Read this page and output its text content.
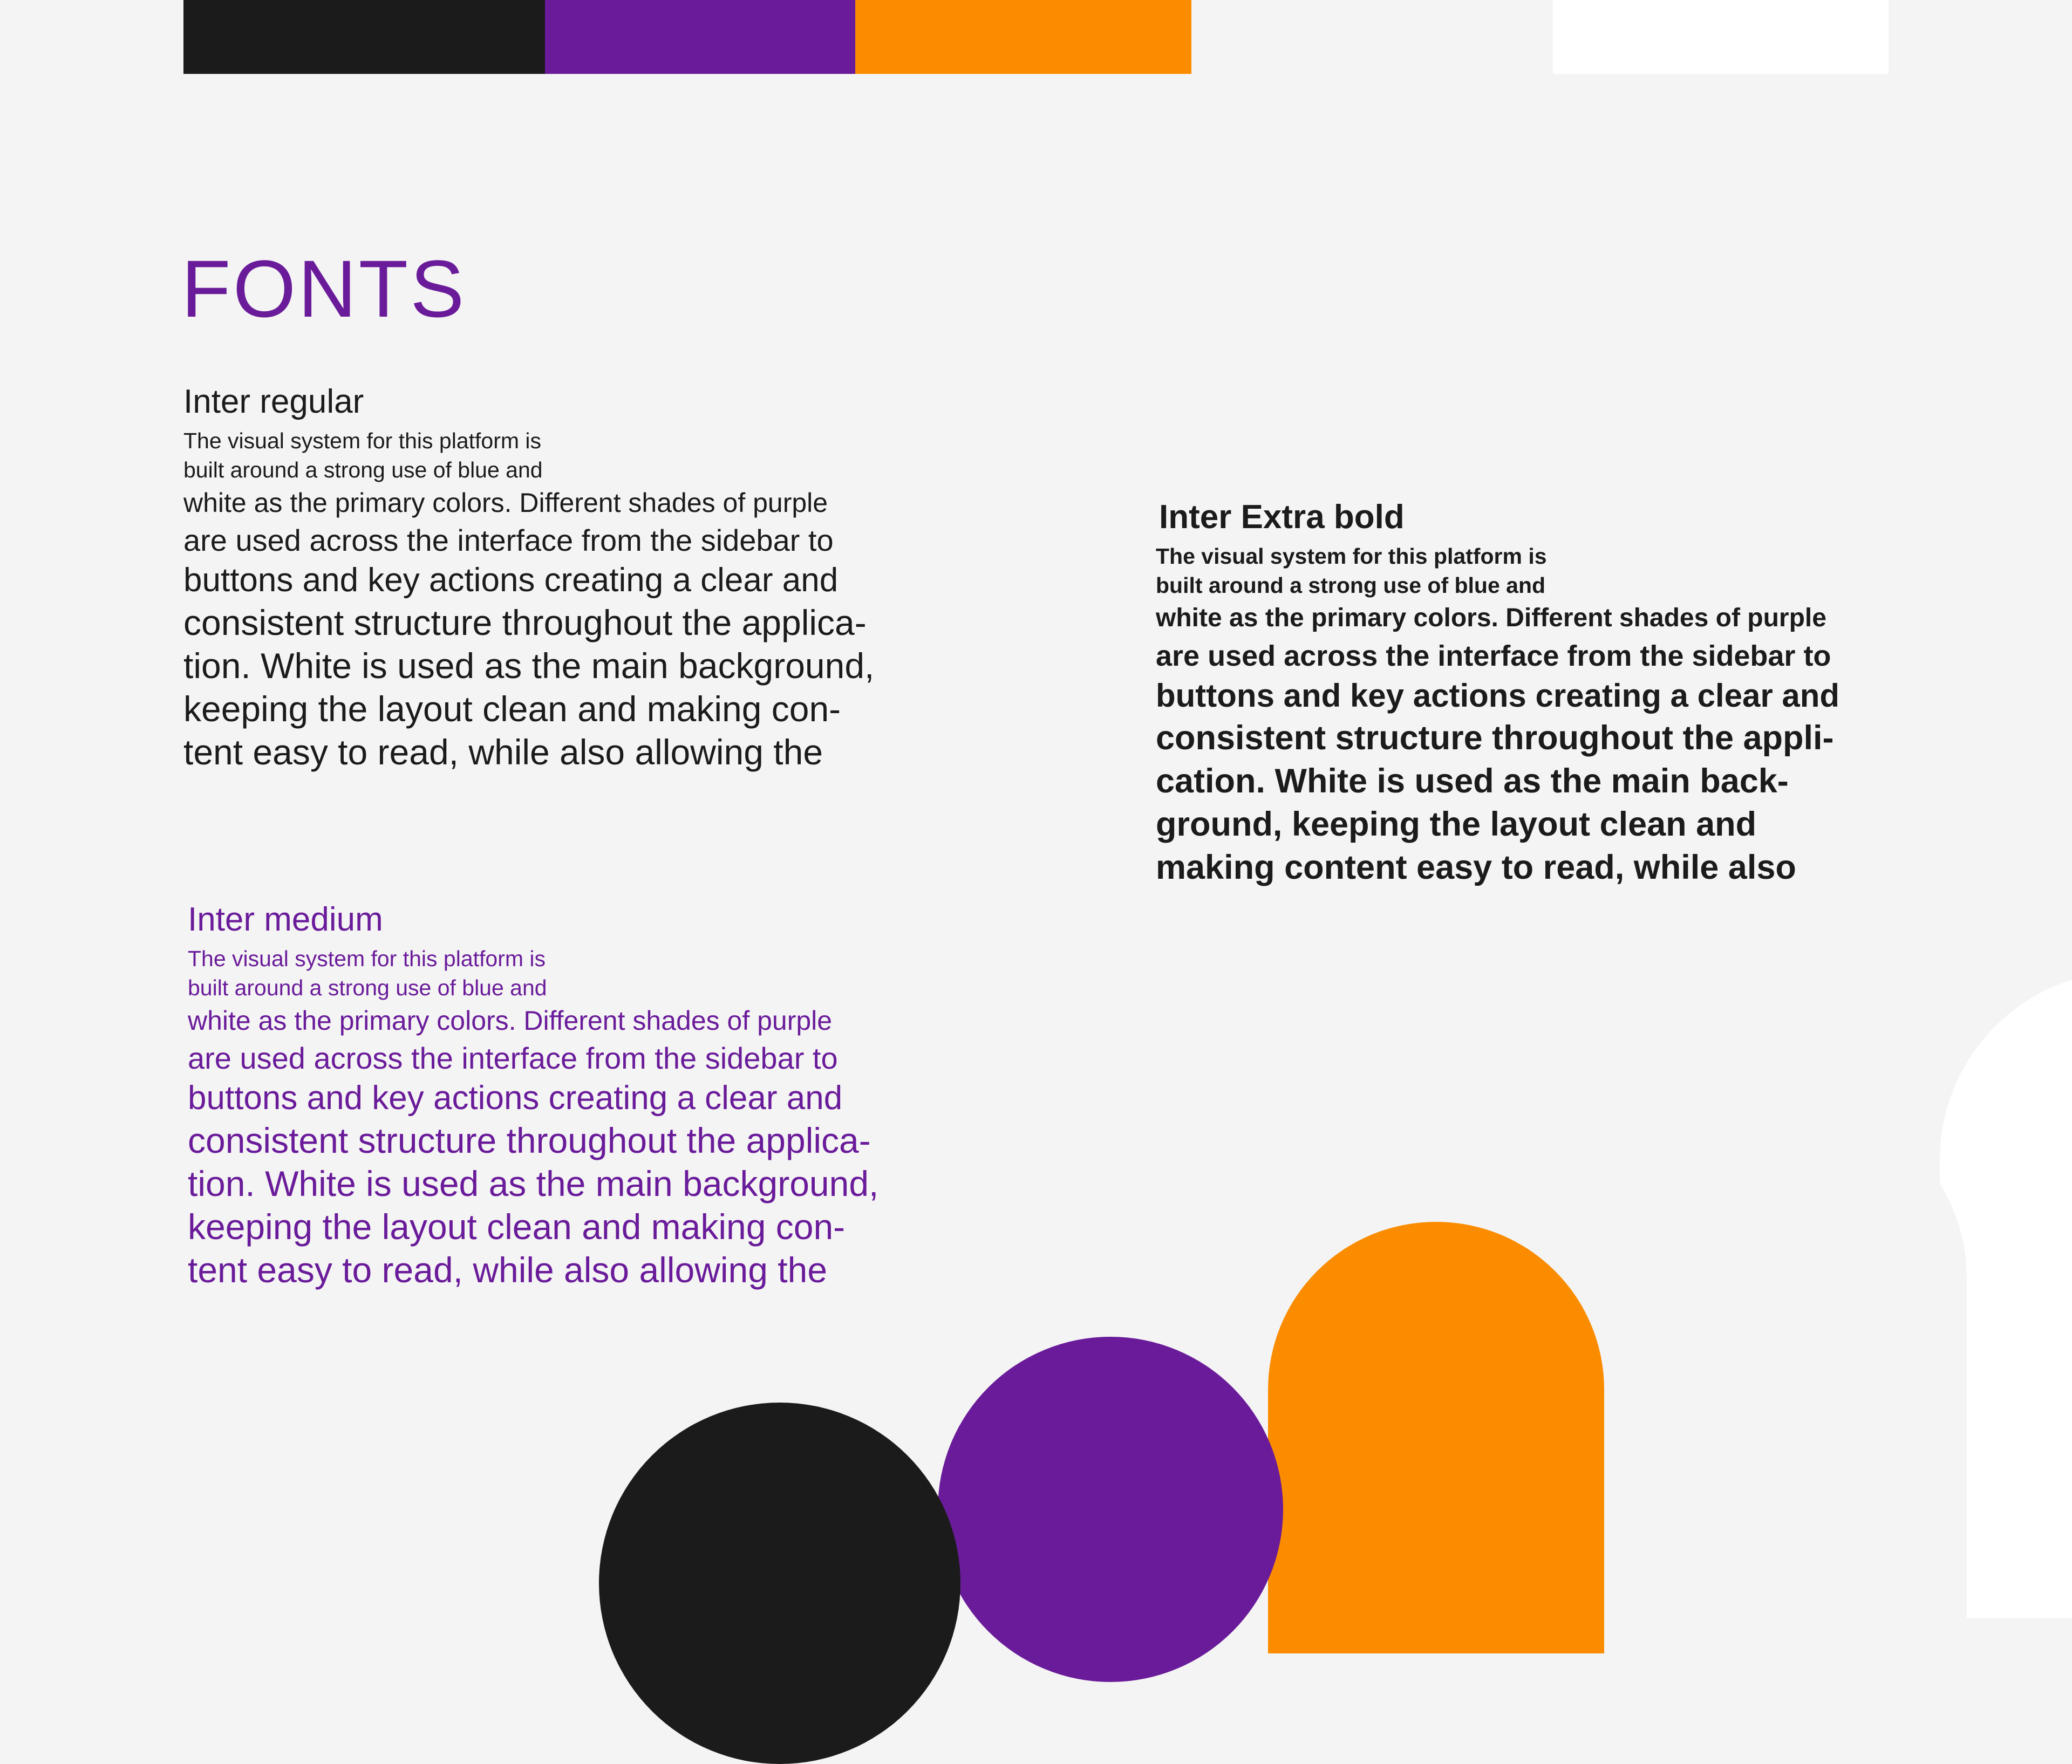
FONTS

Inter regular

The visual system for this platform is
built around a strong use of blue and
white as the primary colors. Different shades of purple
are used across the interface from the sidebar to
buttons and key actions creating a clear and
consistent structure throughout the applica-
tion. White is used as the main background,
keeping the layout clean and making con-
tent easy to read, while also allowing the

Inter medium

The visual system for this platform is
built around a strong use of blue and
white as the primary colors. Different shades of purple
are used across the interface from the sidebar to
buttons and key actions creating a clear and
consistent structure throughout the applica-
tion. White is used as the main background,
keeping the layout clean and making con-
tent easy to read, while also allowing the

Inter Extra bold

The visual system for this platform is
built around a strong use of blue and
white as the primary colors. Different shades of purple
are used across the interface from the sidebar to
buttons and key actions creating a clear and
consistent structure throughout the appli-
cation. White is used as the main back-
ground, keeping the layout clean and
making content easy to read, while also
